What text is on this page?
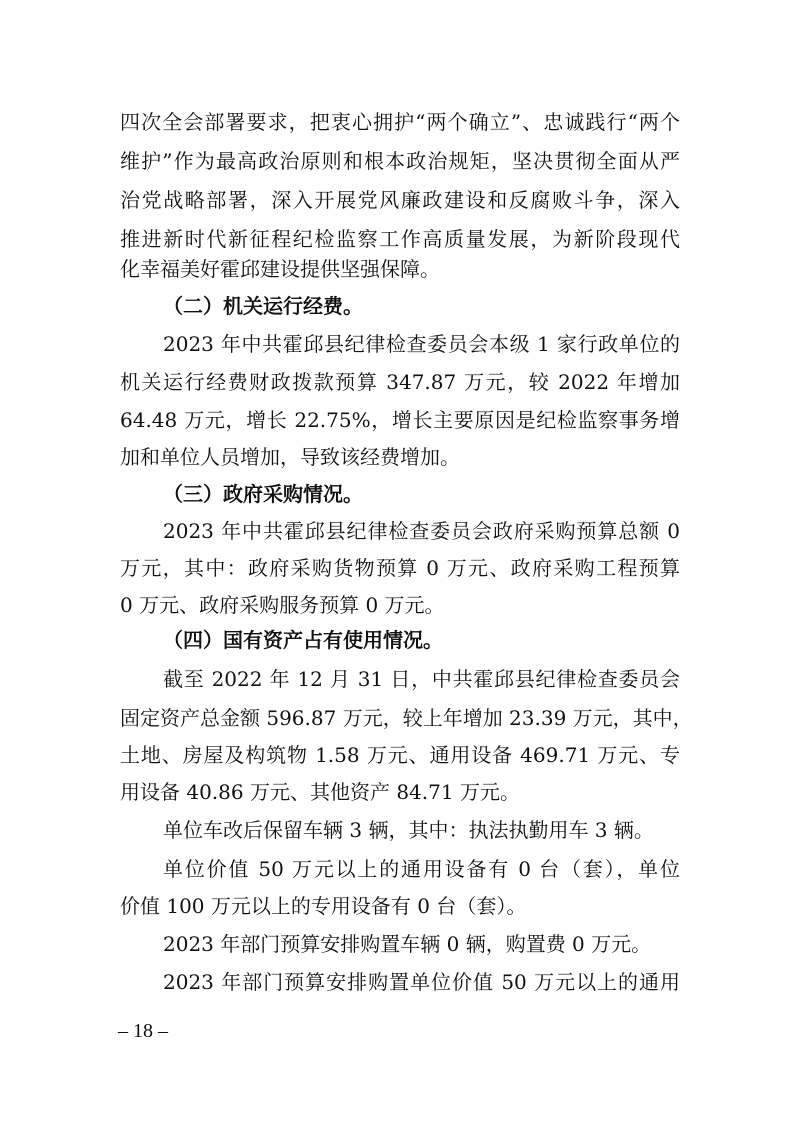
四次全会部署要求，把衷心拥护“两个确立”、忠诚践行“两个
维护”作为最高政治原则和根本政治规矩，坚决贯彻全面从严
治党战略部署，深入开展党风廉政建设和反腐败斗争，深入
推进新时代新征程纪检监察工作高质量发展，为新阶段现代
化幸福美好霍邱建设提供坚强保障。
（二）机关运行经费。
2023 年中共霍邱县纪律检查委员会本级 1 家行政单位的
机关运行经费财政拨款预算 347.87 万元，较 2022 年增加
64.48 万元，增长 22.75%，增长主要原因是纪检监察事务增
加和单位人员增加，导致该经费增加。
（三）政府采购情况。
2023 年中共霍邱县纪律检查委员会政府采购预算总额 0
万元，其中：政府采购货物预算 0 万元、政府采购工程预算
0 万元、政府采购服务预算 0 万元。
（四）国有资产占有使用情况。
截至 2022 年 12 月 31 日，中共霍邱县纪律检查委员会
固定资产总金额 596.87 万元，较上年增加 23.39 万元，其中，
土地、房屋及构筑物 1.58 万元、通用设备 469.71 万元、专
用设备 40.86 万元、其他资产 84.71 万元。
单位车改后保留车辆 3 辆，其中：执法执勤用车 3 辆。
单位价值 50 万元以上的通用设备有 0 台（套），单位
价值 100 万元以上的专用设备有 0 台（套）。
2023 年部门预算安排购置车辆 0 辆，购置费 0 万元。
2023 年部门预算安排购置单位价值 50 万元以上的通用
– 18 –
